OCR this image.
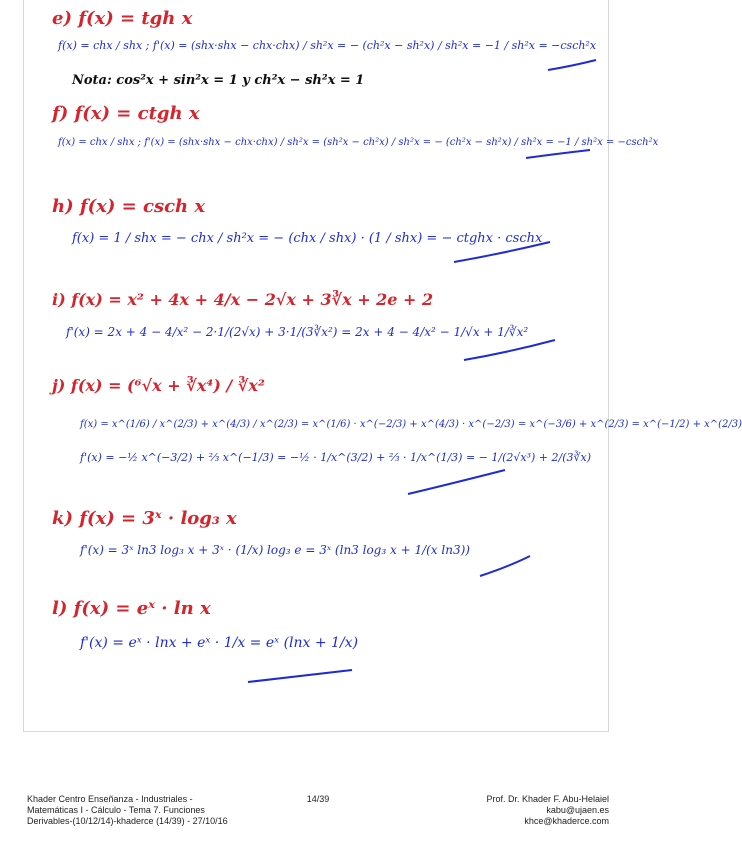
e) f(x) = tgh x
f(x) = chx / shx ; f'(x) = (shx·shx − chx·chx) / sh²x = − (ch²x − sh²x) / sh²x = −1 / sh²x = −csch²x
Nota: cos²x + sin²x = 1 y ch²x − sh²x = 1
f) f(x) = ctgh x
f(x) = chx / shx ; f'(x) = (shx·shx − chx·chx) / sh²x = (sh²x − ch²x) / sh²x = − (ch²x − sh²x) / sh²x = −1 / sh²x = −csch²x
h) f(x) = csch x
f(x) = 1 / shx = − chx / sh²x = − (chx / shx) · (1 / shx) = − ctghx · cschx
i) f(x) = x² + 4x + 4/x − 2√x + 3∛x + 2e + 2
f'(x) = 2x + 4 − 4/x² − 2·1/(2√x) + 3·1/(3∛x²) = 2x + 4 − 4/x² − 1/√x + 1/∛x²
j) f(x) = (⁶√x + ∛x⁴) / ∛x²
f(x) = x^(1/6) / x^(2/3) + x^(4/3) / x^(2/3) = x^(1/6) · x^(−2/3) + x^(4/3) · x^(−2/3) = x^(−3/6) + x^(2/3) = x^(−1/2) + x^(2/3)
f'(x) = −½ x^(−3/2) + ⅔ x^(−1/3) = −½ · 1/x^(3/2) + ⅔ · 1/x^(1/3) = − 1/(2√x³) + 2/(3∛x)
k) f(x) = 3ˣ · log₃ x
f'(x) = 3ˣ ln3 log₃ x + 3ˣ · (1/x) log₃ e = 3ˣ (ln3 log₃ x + 1/(x ln3))
l) f(x) = eˣ · ln x
f'(x) = eˣ · lnx + eˣ · 1/x = eˣ (lnx + 1/x)
Khader Centro Enseñanza - Industriales -
Matemáticas I - Cálculo - Tema 7. Funciones
Derivables-(10/12/14)-khaderce (14/39) - 27/10/16
14/39	Prof. Dr. Khader F. Abu-Helaiel
kabu@ujaen.es
khce@khaderce.com
